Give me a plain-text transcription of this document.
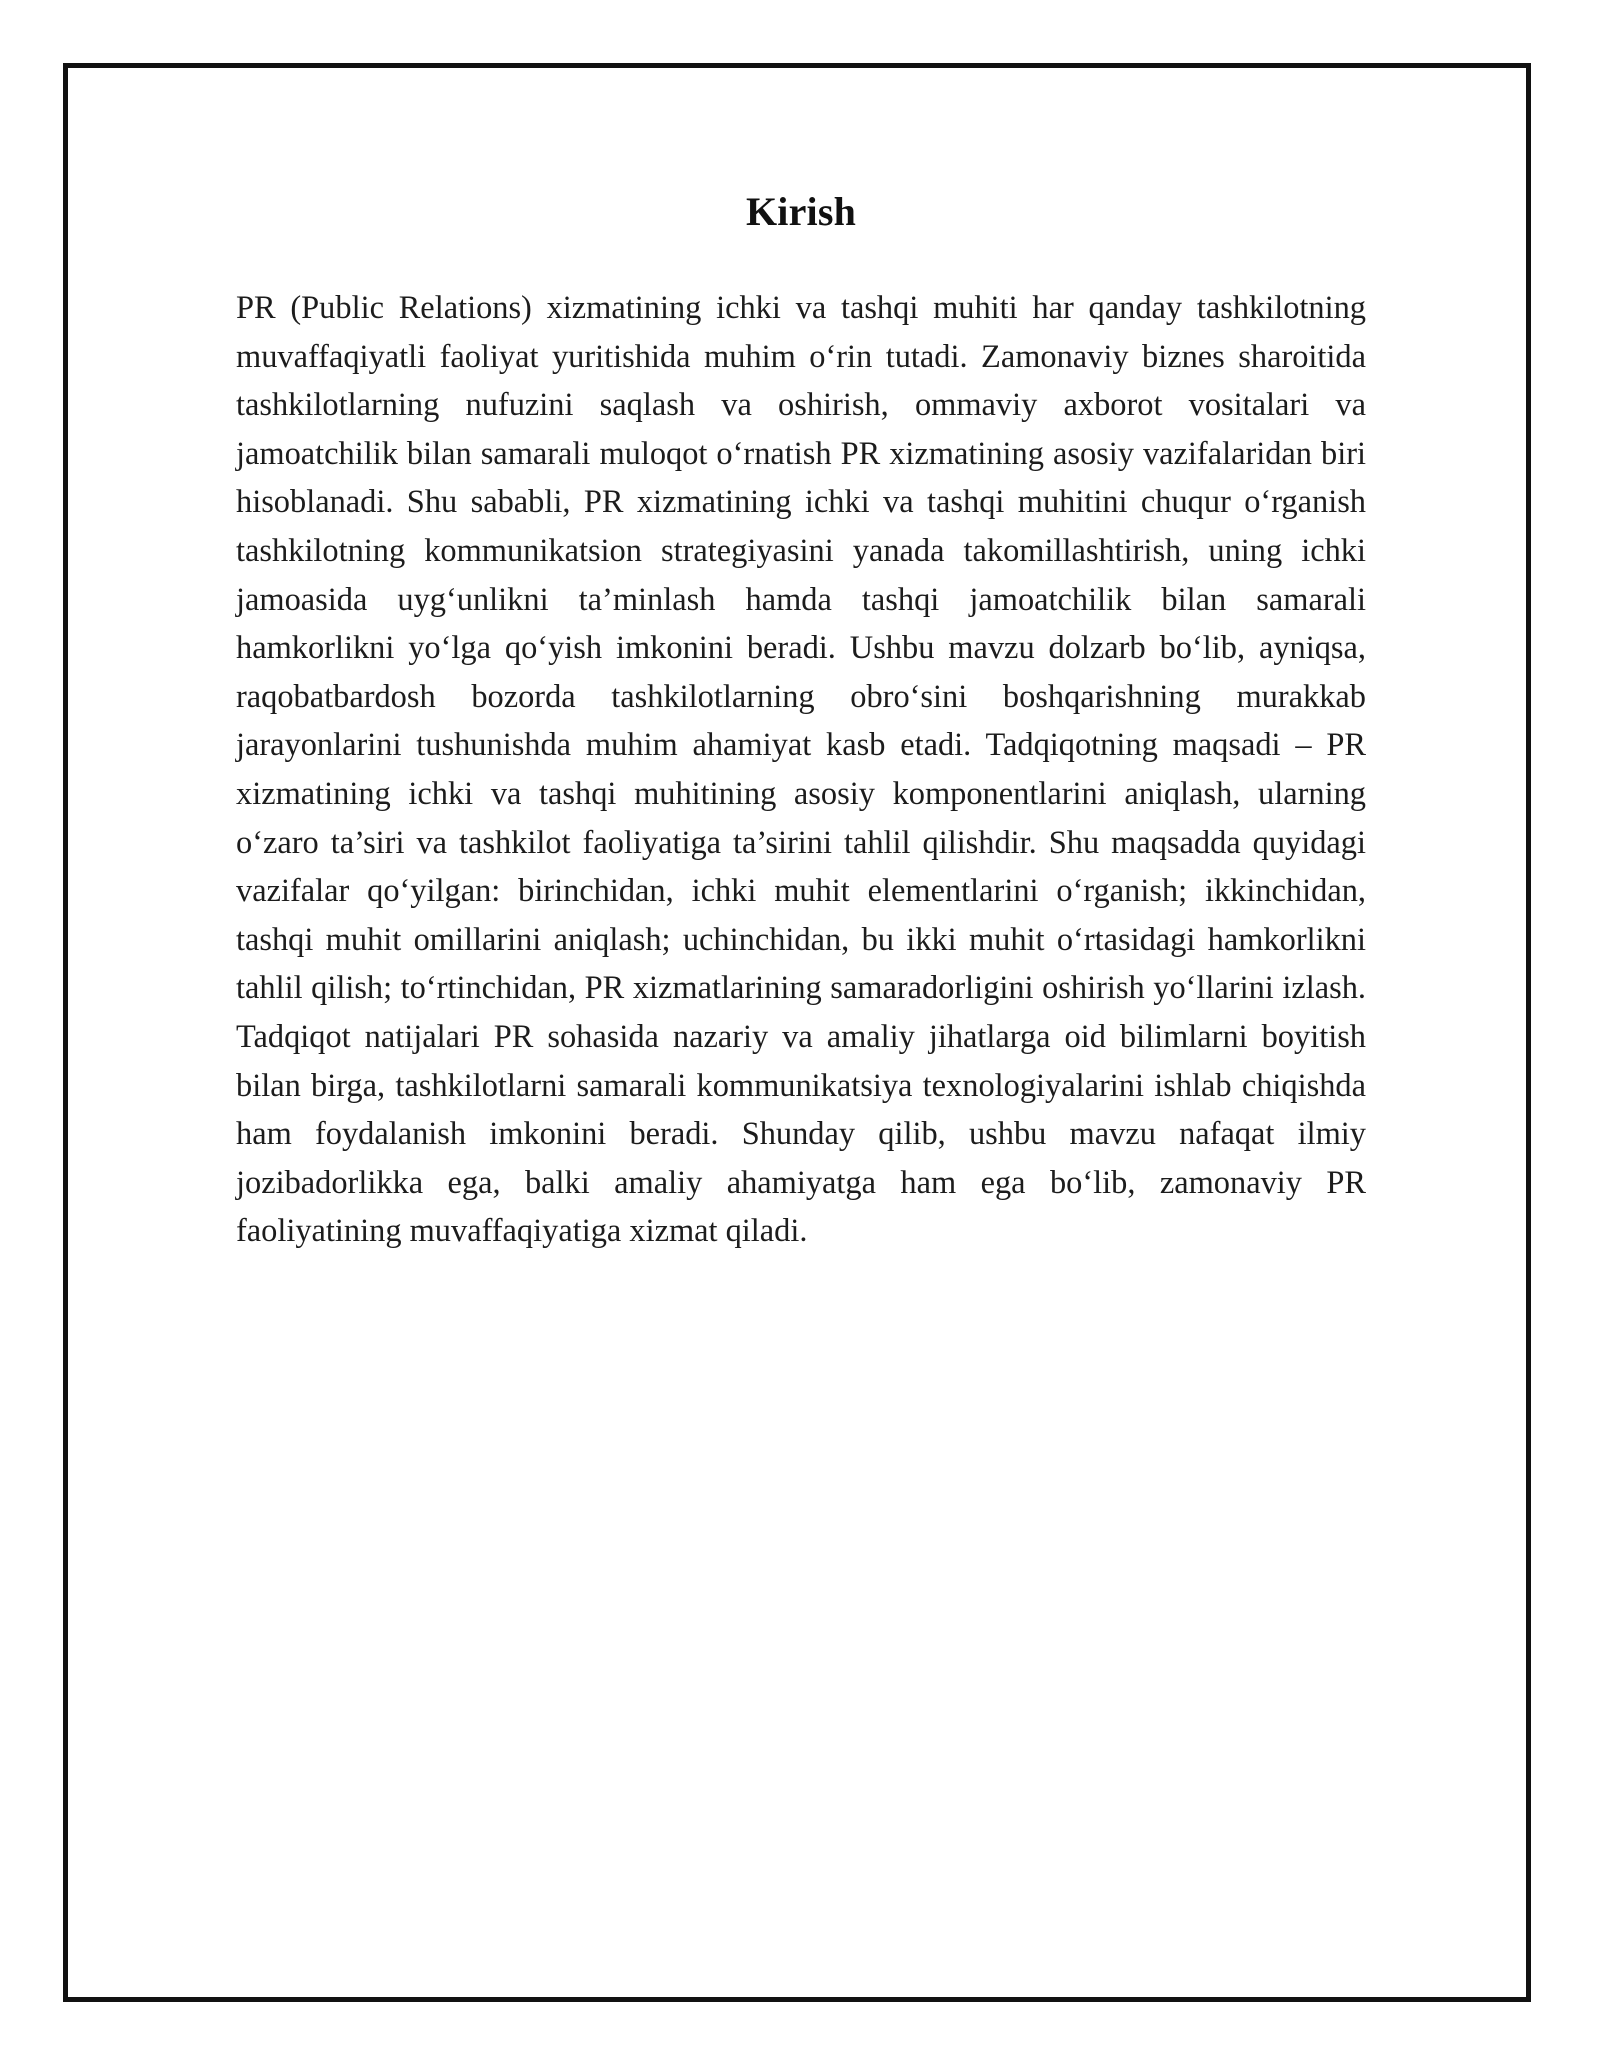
Kirish

PR (Public Relations) xizmatining ichki va tashqi muhiti har qanday tashkilotning muvaffaqiyatli faoliyat yuritishida muhim o‘rin tutadi. Zamonaviy biznes sharoitida tashkilotlarning nufuzini saqlash va oshirish, ommaviy axborot vositalari va jamoatchilik bilan samarali muloqot o‘rnatish PR xizmatining asosiy vazifalaridan biri hisoblanadi. Shu sababli, PR xizmatining ichki va tashqi muhitini chuqur o‘rganish tashkilotning kommunikatsion strategiyasini yanada takomillashtirish, uning ichki jamoasida uyg‘unlikni ta’minlash hamda tashqi jamoatchilik bilan samarali hamkorlikni yo‘lga qo‘yish imkonini beradi. Ushbu mavzu dolzarb bo‘lib, ayniqsa, raqobatbardosh bozorda tashkilotlarning obro‘sini boshqarishning murakkab jarayonlarini tushunishda muhim ahamiyat kasb etadi. Tadqiqotning maqsadi – PR xizmatining ichki va tashqi muhitining asosiy komponentlarini aniqlash, ularning o‘zaro ta’siri va tashkilot faoliyatiga ta’sirini tahlil qilishdir. Shu maqsadda quyidagi vazifalar qo‘yilgan: birinchidan, ichki muhit elementlarini o‘rganish; ikkinchidan, tashqi muhit omillarini aniqlash; uchinchidan, bu ikki muhit o‘rtasidagi hamkorlikni tahlil qilish; to‘rtinchidan, PR xizmatlarining samaradorligini oshirish yo‘llarini izlash. Tadqiqot natijalari PR sohasida nazariy va amaliy jihatlarga oid bilimlarni boyitish bilan birga, tashkilotlarni samarali kommunikatsiya texnologiyalarini ishlab chiqishda ham foydalanish imkonini beradi. Shunday qilib, ushbu mavzu nafaqat ilmiy jozibadorlikka ega, balki amaliy ahamiyatga ham ega bo‘lib, zamonaviy PR faoliyatining muvaffaqiyatiga xizmat qiladi.
